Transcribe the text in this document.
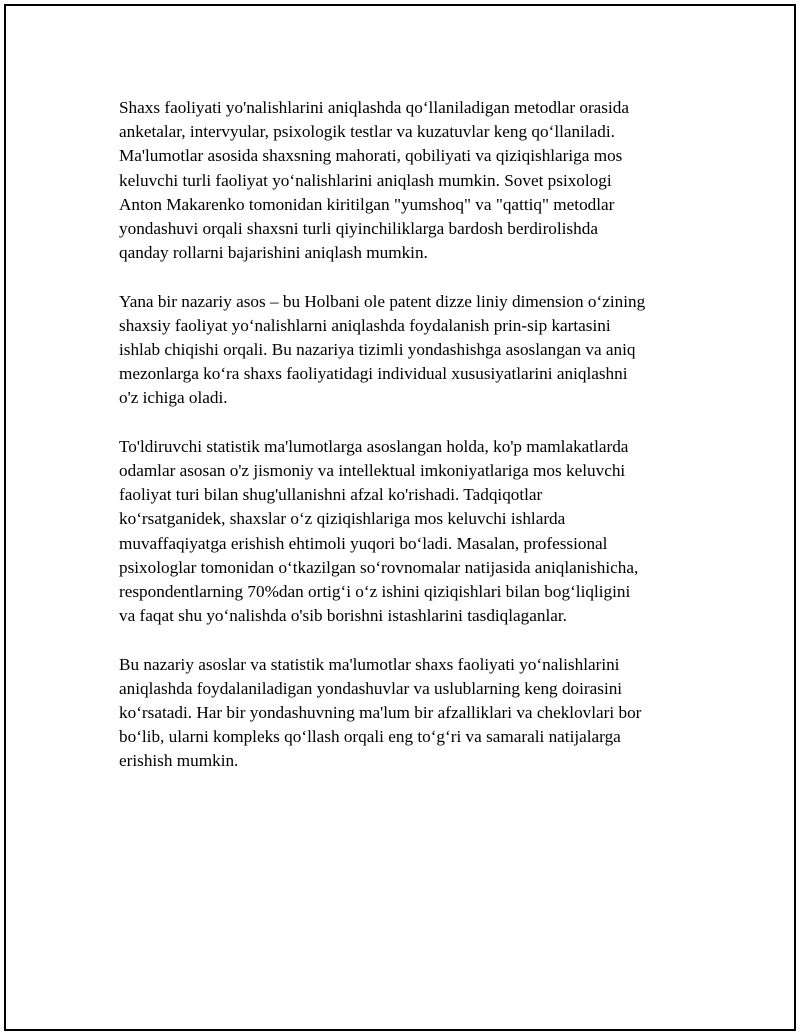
Shaxs faoliyati yo'nalishlarini aniqlashda qo‘llaniladigan metodlar orasida
anketalar, intervyular, psixologik testlar va kuzatuvlar keng qo‘llaniladi.
Ma'lumotlar asosida shaxsning mahorati, qobiliyati va qiziqishlariga mos
keluvchi turli faoliyat yo‘nalishlarini aniqlash mumkin. Sovet psixologi
Anton Makarenko tomonidan kiritilgan "yumshoq" va "qattiq" metodlar
yondashuvi orqali shaxsni turli qiyinchiliklarga bardosh berdirolishda
qanday rollarni bajarishini aniqlash mumkin.

Yana bir nazariy asos – bu Holbani ole patent dizze liniy dimension o‘zining
shaxsiy faoliyat yo‘nalishlarni aniqlashda foydalanish prin-sip kartasini
ishlab chiqishi orqali. Bu nazariya tizimli yondashishga asoslangan va aniq
mezonlarga ko‘ra shaxs faoliyatidagi individual xususiyatlarini aniqlashni
o'z ichiga oladi.

To'ldiruvchi statistik ma'lumotlarga asoslangan holda, ko'p mamlakatlarda
odamlar asosan o'z jismoniy va intellektual imkoniyatlariga mos keluvchi
faoliyat turi bilan shug'ullanishni afzal ko'rishadi. Tadqiqotlar
ko‘rsatganidek, shaxslar o‘z qiziqishlariga mos keluvchi ishlarda
muvaffaqiyatga erishish ehtimoli yuqori bo‘ladi. Masalan, professional
psixologlar tomonidan o‘tkazilgan so‘rovnomalar natijasida aniqlanishicha,
respondentlarning 70%dan ortig‘i o‘z ishini qiziqishlari bilan bog‘liqligini
va faqat shu yo‘nalishda o'sib borishni istashlarini tasdiqlaganlar.

Bu nazariy asoslar va statistik ma'lumotlar shaxs faoliyati yo‘nalishlarini
aniqlashda foydalaniladigan yondashuvlar va uslublarning keng doirasini
ko‘rsatadi. Har bir yondashuvning ma'lum bir afzalliklari va cheklovlari bor
bo‘lib, ularni kompleks qo‘llash orqali eng to‘g‘ri va samarali natijalarga
erishish mumkin.
